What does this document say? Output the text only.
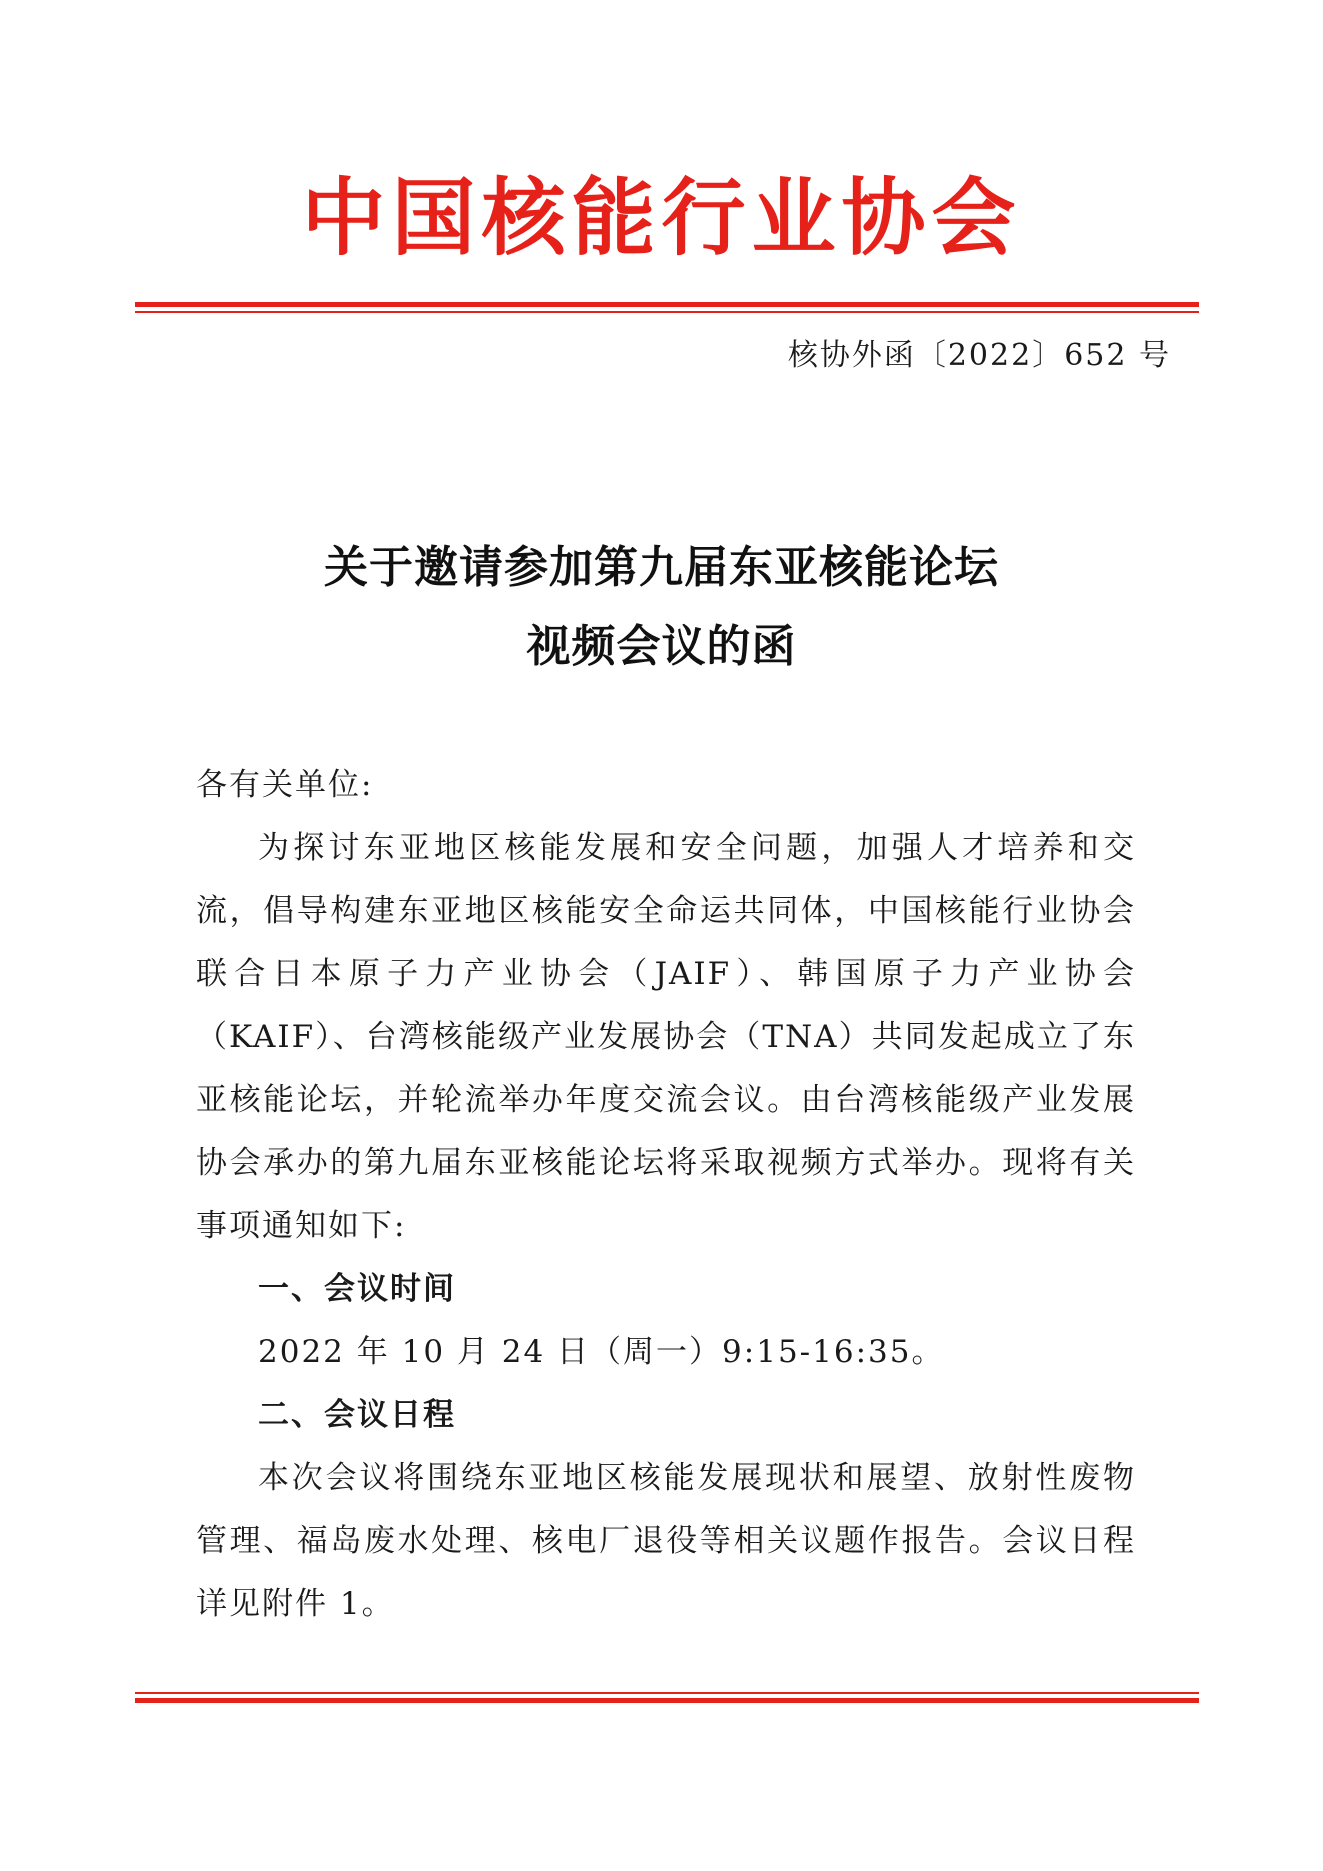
中国核能行业协会
核协外函〔2022〕652 号
关于邀请参加第九届东亚核能论坛
视频会议的函

各有关单位:

为探讨东亚地区核能发展和安全问题，加强人才培养和交流，倡导构建东亚地区核能安全命运共同体，中国核能行业协会联合日本原子力产业协会（JAIF）、韩国原子力产业协会（KAIF）、台湾核能级产业发展协会（TNA）共同发起成立了东亚核能论坛，并轮流举办年度交流会议。由台湾核能级产业发展协会承办的第九届东亚核能论坛将采取视频方式举办。现将有关事项通知如下:

一、会议时间

2022 年 10 月 24 日（周一）9:15-16:35。

二、会议日程

本次会议将围绕东亚地区核能发展现状和展望、放射性废物管理、福岛废水处理、核电厂退役等相关议题作报告。会议日程详见附件 1。
